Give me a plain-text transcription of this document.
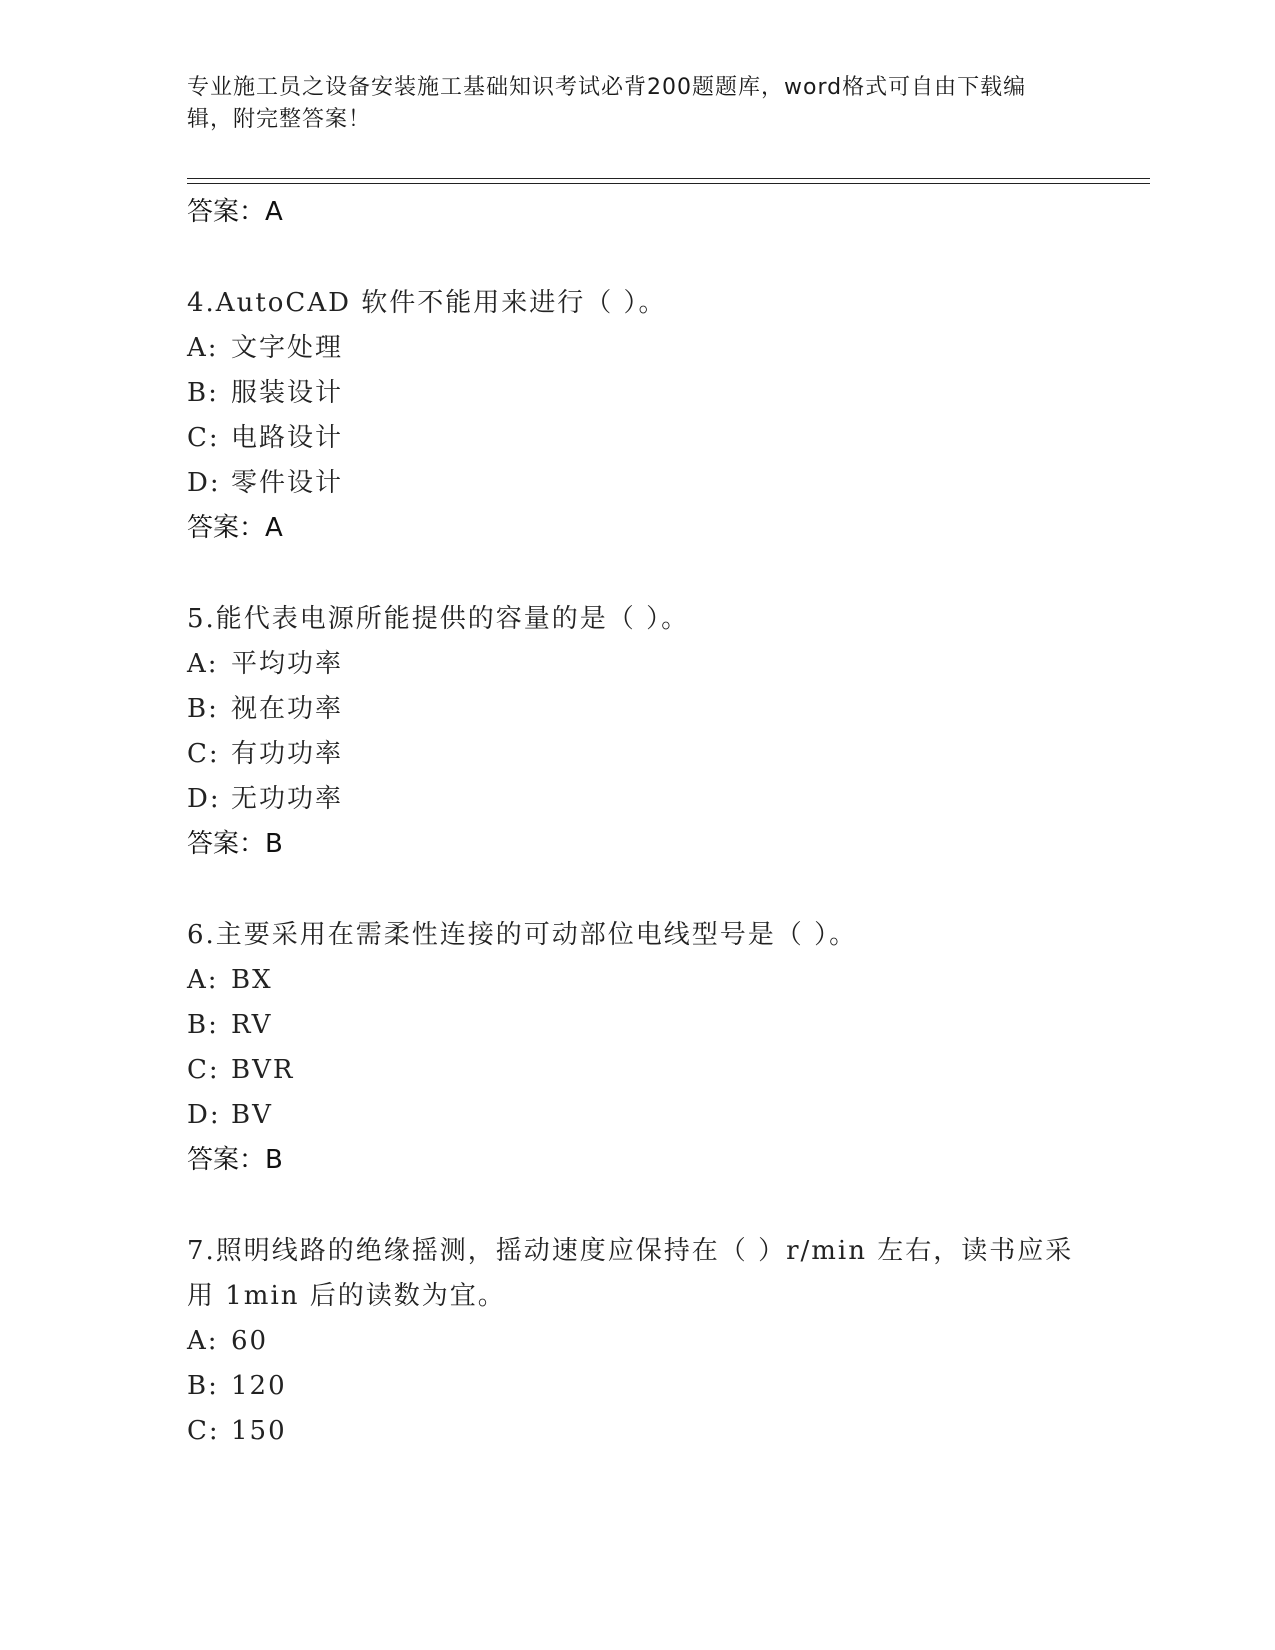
专业施工员之设备安装施工基础知识考试必背200题题库，word格式可自由下载编辑，附完整答案！
答案：A
4.AutoCAD 软件不能用来进行（ ）。
A: 文字处理
B: 服装设计
C: 电路设计
D: 零件设计
答案：A
5.能代表电源所能提供的容量的是（ ）。
A: 平均功率
B: 视在功率
C: 有功功率
D: 无功功率
答案：B
6.主要采用在需柔性连接的可动部位电线型号是（ ）。
A: BX
B: RV
C: BVR
D: BV
答案：B
7.照明线路的绝缘摇测，摇动速度应保持在（ ）r/min 左右，读书应采用 1min 后的读数为宜。
A: 60
B: 120
C: 150
